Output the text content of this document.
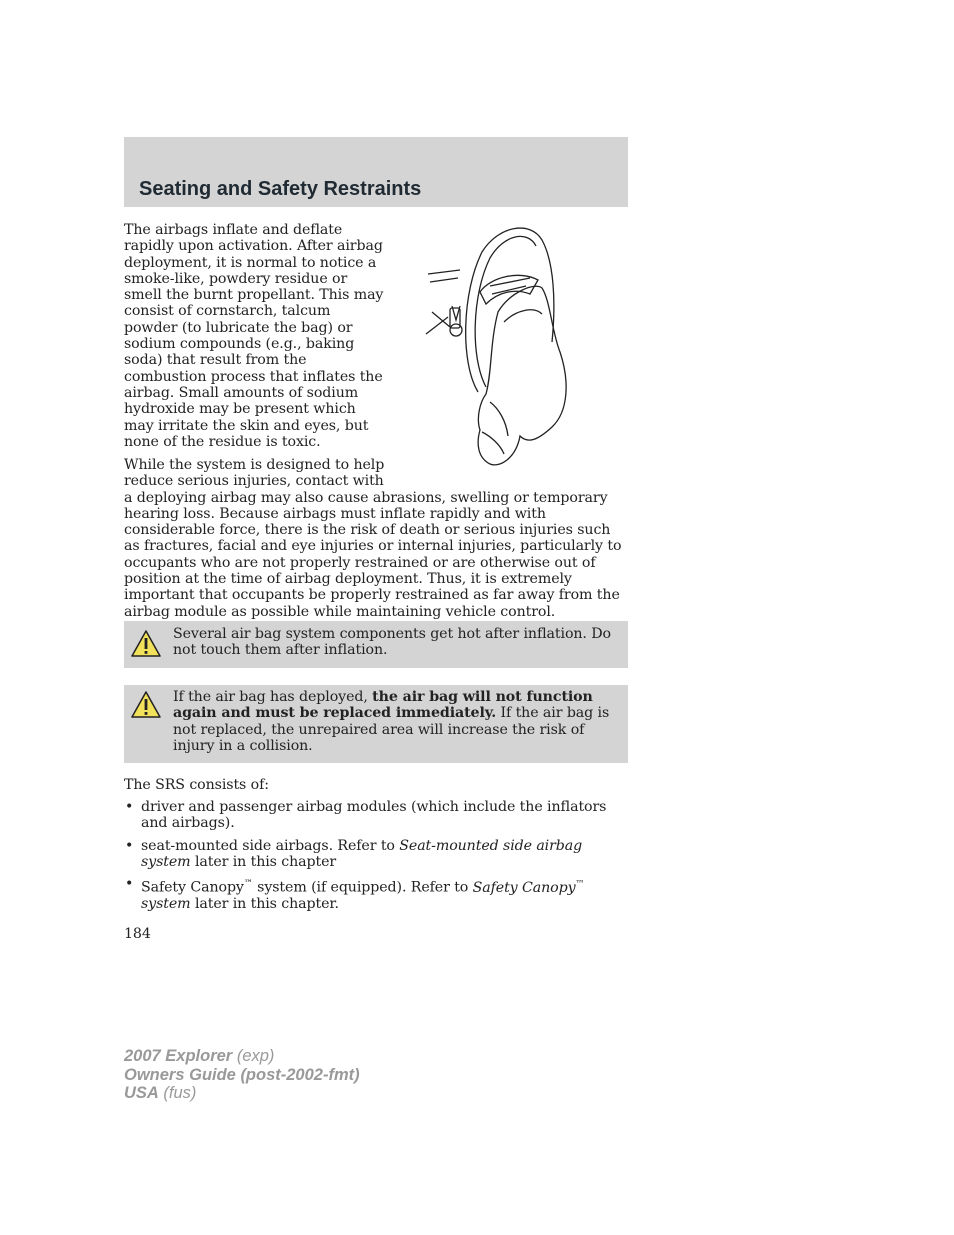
Seating and Safety Restraints

The airbags inflate and deflate rapidly upon activation. After airbag deployment, it is normal to notice a smoke-like, powdery residue or smell the burnt propellant. This may consist of cornstarch, talcum powder (to lubricate the bag) or sodium compounds (e.g., baking soda) that result from the combustion process that inflates the airbag. Small amounts of sodium hydroxide may be present which may irritate the skin and eyes, but none of the residue is toxic.

While the system is designed to help reduce serious injuries, contact with
a deploying airbag may also cause abrasions, swelling or temporary hearing loss. Because airbags must inflate rapidly and with considerable force, there is the risk of death or serious injuries such as fractures, facial and eye injuries or internal injuries, particularly to occupants who are not properly restrained or are otherwise out of position at the time of airbag deployment. Thus, it is extremely important that occupants be properly restrained as far away from the airbag module as possible while maintaining vehicle control.

Several air bag system components get hot after inflation. Do not touch them after inflation.

If the air bag has deployed, the air bag will not function again and must be replaced immediately. If the air bag is not replaced, the unrepaired area will increase the risk of injury in a collision.

The SRS consists of:

• driver and passenger airbag modules (which include the inflators and airbags).
• seat-mounted side airbags. Refer to Seat-mounted side airbag system later in this chapter
• Safety Canopy™ system (if equipped). Refer to Safety Canopy™ system later in this chapter.

184

2007 Explorer (exp)
Owners Guide (post-2002-fmt)
USA (fus)
